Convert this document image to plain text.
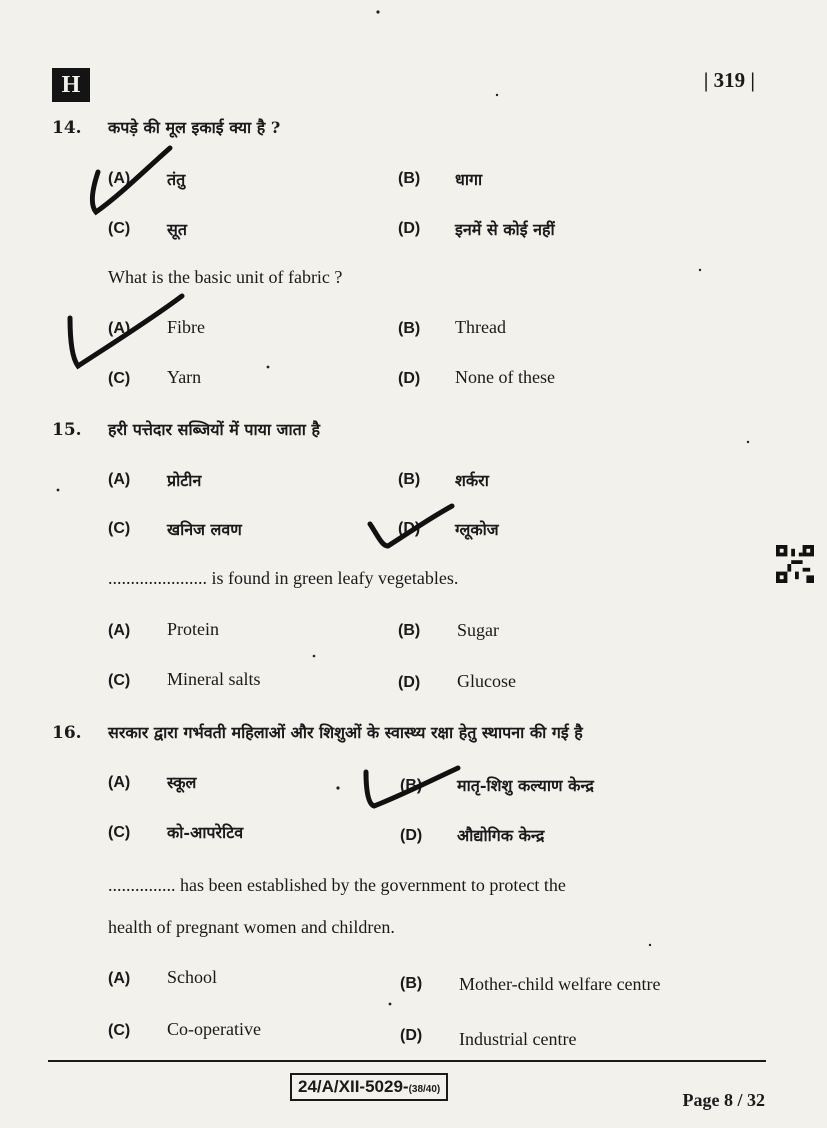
H	| 319 |
14. कपड़े की मूल इकाई क्या है ?
(A) तंतु	(B) धागा
(C) सूत	(D) इनमें से कोई नहीं
What is the basic unit of fabric ?
(A) Fibre	(B) Thread
(C) Yarn	(D) None of these
15. हरी पत्तेदार सब्जियों में पाया जाता है
(A) प्रोटीन	(B) शर्करा
(C) खनिज लवण	(D) ग्लूकोज
...................... is found in green leafy vegetables.
(A) Protein	(B) Sugar
(C) Mineral salts	(D) Glucose
16. सरकार द्वारा गर्भवती महिलाओं और शिशुओं के स्वास्थ्य रक्षा हेतु स्थापना की गई है
(A) स्कूल	(B) मातृ-शिशु कल्याण केन्द्र
(C) को-आपरेटिव	(D) औद्योगिक केन्द्र
............... has been established by the government to protect the
health of pregnant women and children.
(A) School	(B) Mother-child welfare centre
(C) Co-operative	(D) Industrial centre
24/A/XII-5029-(38/40)
Page 8 / 32
